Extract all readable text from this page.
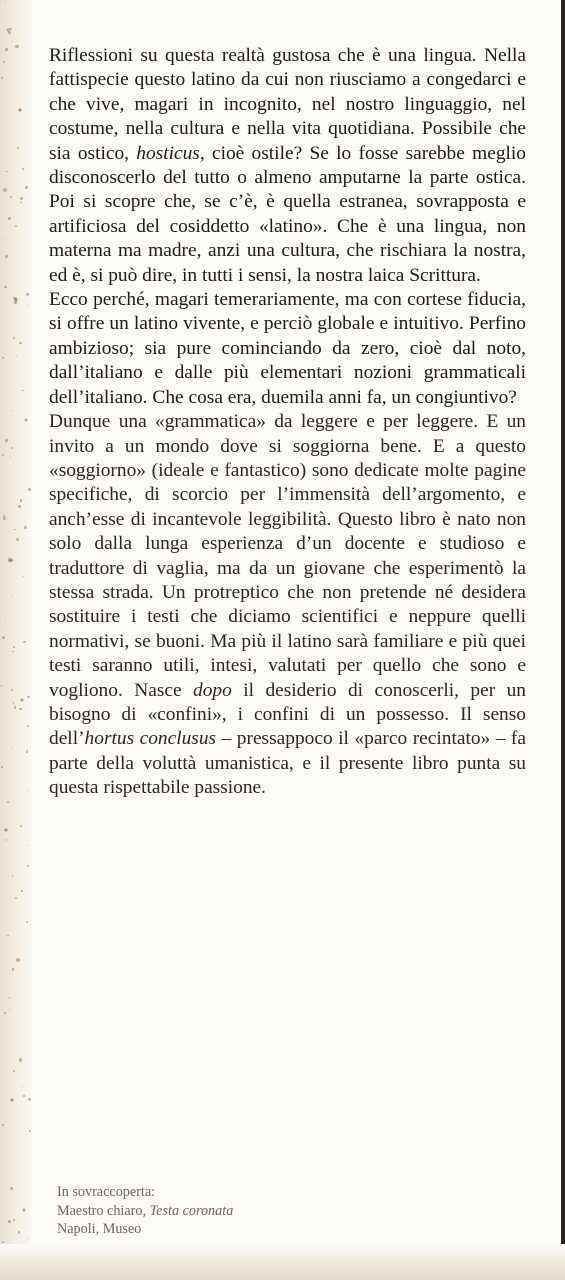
Riflessioni su questa realtà gustosa che è una lingua. Nella fattispecie questo latino da cui non riusciamo a congedarci e che vive, magari in incognito, nel nostro linguaggio, nel costume, nella cultura e nella vita quotidiana. Possibile che sia ostico, hosticus, cioè ostile? Se lo fosse sarebbe meglio disconoscerlo del tutto o almeno amputarne la parte ostica. Poi si scopre che, se c’è, è quella estranea, sovrapposta e artificiosa del cosiddetto «latino». Che è una lingua, non materna ma madre, anzi una cultura, che rischiara la nostra, ed è, si può dire, in tutti i sensi, la nostra laica Scrittura.

Ecco perché, magari temerariamente, ma con cortese fiducia, si offre un latino vivente, e perciò globale e intuitivo. Perfino ambizioso; sia pure cominciando da zero, cioè dal noto, dall’italiano e dalle più elementari nozioni grammaticali dell’italiano. Che cosa era, duemila anni fa, un congiuntivo?

Dunque una «grammatica» da leggere e per leggere. E un invito a un mondo dove si soggiorna bene. E a questo «soggiorno» (ideale e fantastico) sono dedicate molte pagine specifiche, di scorcio per l’immensità dell’argomento, e anch’esse di incantevole leggibilità. Questo libro è nato non solo dalla lunga esperienza d’un docente e studioso e traduttore di vaglia, ma da un giovane che esperimentò la stessa strada. Un protreptico che non pretende né desidera sostituire i testi che diciamo scientifici e neppure quelli normativi, se buoni. Ma più il latino sarà familiare e più quei testi saranno utili, intesi, valutati per quello che sono e vogliono. Nasce dopo il desiderio di conoscerli, per un bisogno di «confini», i confini di un possesso. Il senso dell’hortus conclusus – pressappoco il «parco recintato» – fa parte della voluttà umanistica, e il presente libro punta su questa rispettabile passione.

In sovraccoperta:
Maestro chiaro, Testa coronata
Napoli, Museo
